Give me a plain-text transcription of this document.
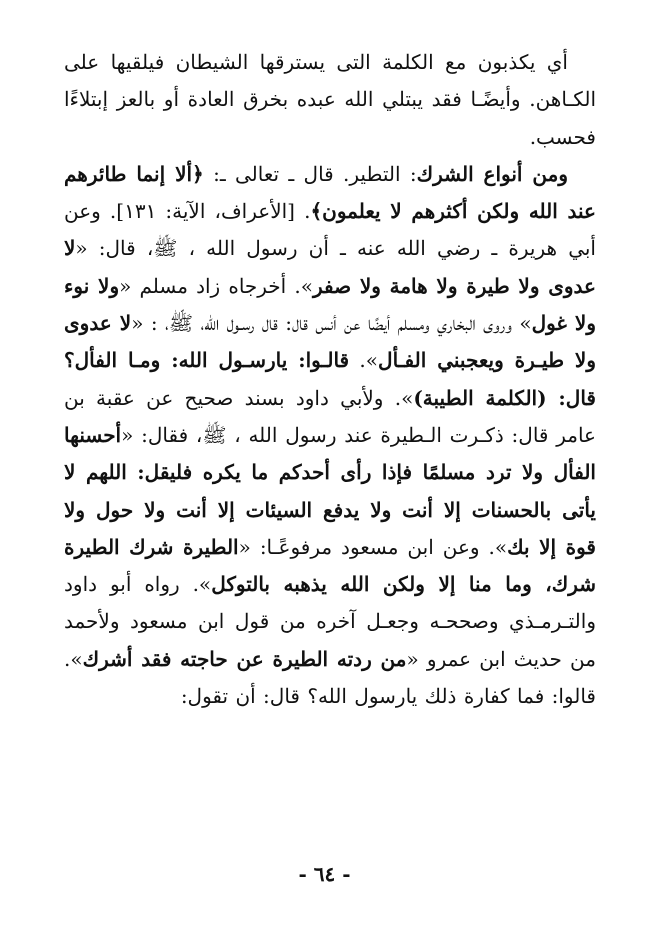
أي يكذبون مع الكلمة التى يسترقها الشيطان فيلقيها على الكـاهن. وأيضًـا فقد يبتلي الله عبده بخرق العادة أو بالعز إبتلاءًا فحسب.

ومن أنواع الشرك: التطير. قال ـ تعالى ـ: ﴿ألا إنما طائرهم عند الله ولكن أكثرهم لا يعلمون﴾. [الأعراف، الآية: ١٣١]. وعن أبي هريرة ـ رضي الله عنه ـ أن رسول الله ، ﷺ، قال: «لا عدوى ولا طيرة ولا هامة ولا صفر». أخرجاه زاد مسلم «ولا نوء ولا غول» وروى البخاري ومسلم أيضًا عن أنس قال: قال رسـول الله، ﷺ، : «لا عدوى ولا طيـرة ويعجبني الفـأل». قالـوا: يارسـول الله: ومـا الفأل؟ قال: (الكلمة الطيبة)». ولأبي داود بسند صحيح عن عقبة بن عامر قال: ذكـرت الـطيرة عند رسول الله ، ﷺ، فقال: «أحسنها الفأل ولا ترد مسلمًا فإذا رأى أحدكم ما يكره فليقل: اللهم لا يأتى بالحسنات إلا أنت ولا يدفع السيئات إلا أنت ولا حول ولا قوة إلا بك». وعن ابن مسعود مرفوعًـا: «الطيرة شرك الطيرة شرك، وما منا إلا ولكن الله يذهبه بالتوكل». رواه أبو داود والتـرمـذي وصححـه وجعـل آخره من قول ابن مسعود ولأحمد من حديث ابن عمرو «من ردته الطيرة عن حاجته فقد أشرك». قالوا: فما كفارة ذلك يارسول الله؟ قال: أن تقول:

- ٦٤ -
